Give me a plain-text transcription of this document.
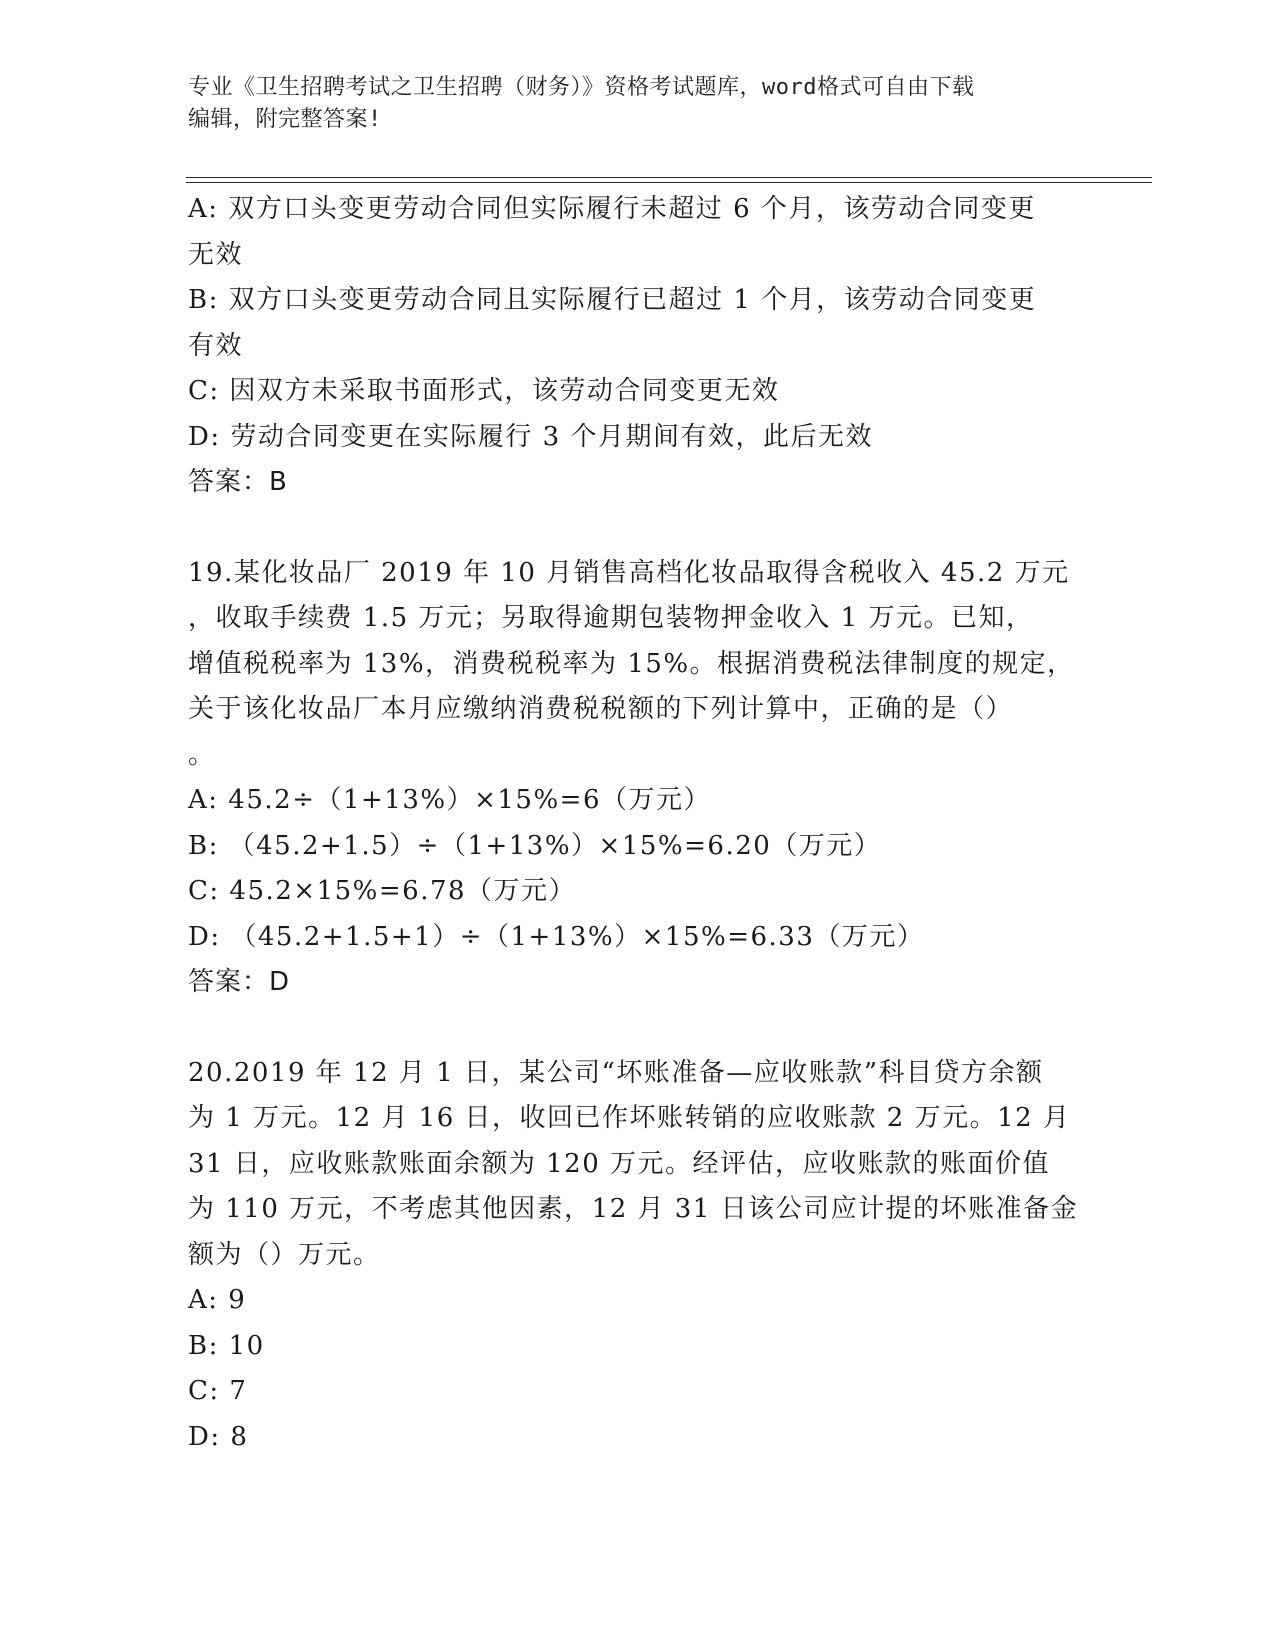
专业《卫生招聘考试之卫生招聘（财务）》资格考试题库，word格式可自由下载
编辑，附完整答案!
A: 双方口头变更劳动合同但实际履行未超过 6 个月，该劳动合同变更
无效
B: 双方口头变更劳动合同且实际履行已超过 1 个月，该劳动合同变更
有效
C: 因双方未采取书面形式，该劳动合同变更无效
D: 劳动合同变更在实际履行 3 个月期间有效，此后无效
答案：B
19.某化妆品厂 2019 年 10 月销售高档化妆品取得含税收入 45.2 万元
，收取手续费 1.5 万元；另取得逾期包装物押金收入 1 万元。已知，
增值税税率为 13%，消费税税率为 15%。根据消费税法律制度的规定，
关于该化妆品厂本月应缴纳消费税税额的下列计算中，正确的是（）
。
A: 45.2÷（1+13%）×15%=6（万元）
B: （45.2+1.5）÷（1+13%）×15%=6.20（万元）
C: 45.2×15%=6.78（万元）
D: （45.2+1.5+1）÷（1+13%）×15%=6.33（万元）
答案：D
20.2019 年 12 月 1 日，某公司“坏账准备—应收账款”科目贷方余额
为 1 万元。12 月 16 日，收回已作坏账转销的应收账款 2 万元。12 月
31 日，应收账款账面余额为 120 万元。经评估，应收账款的账面价值
为 110 万元，不考虑其他因素，12 月 31 日该公司应计提的坏账准备金
额为（）万元。
A: 9
B: 10
C: 7
D: 8
